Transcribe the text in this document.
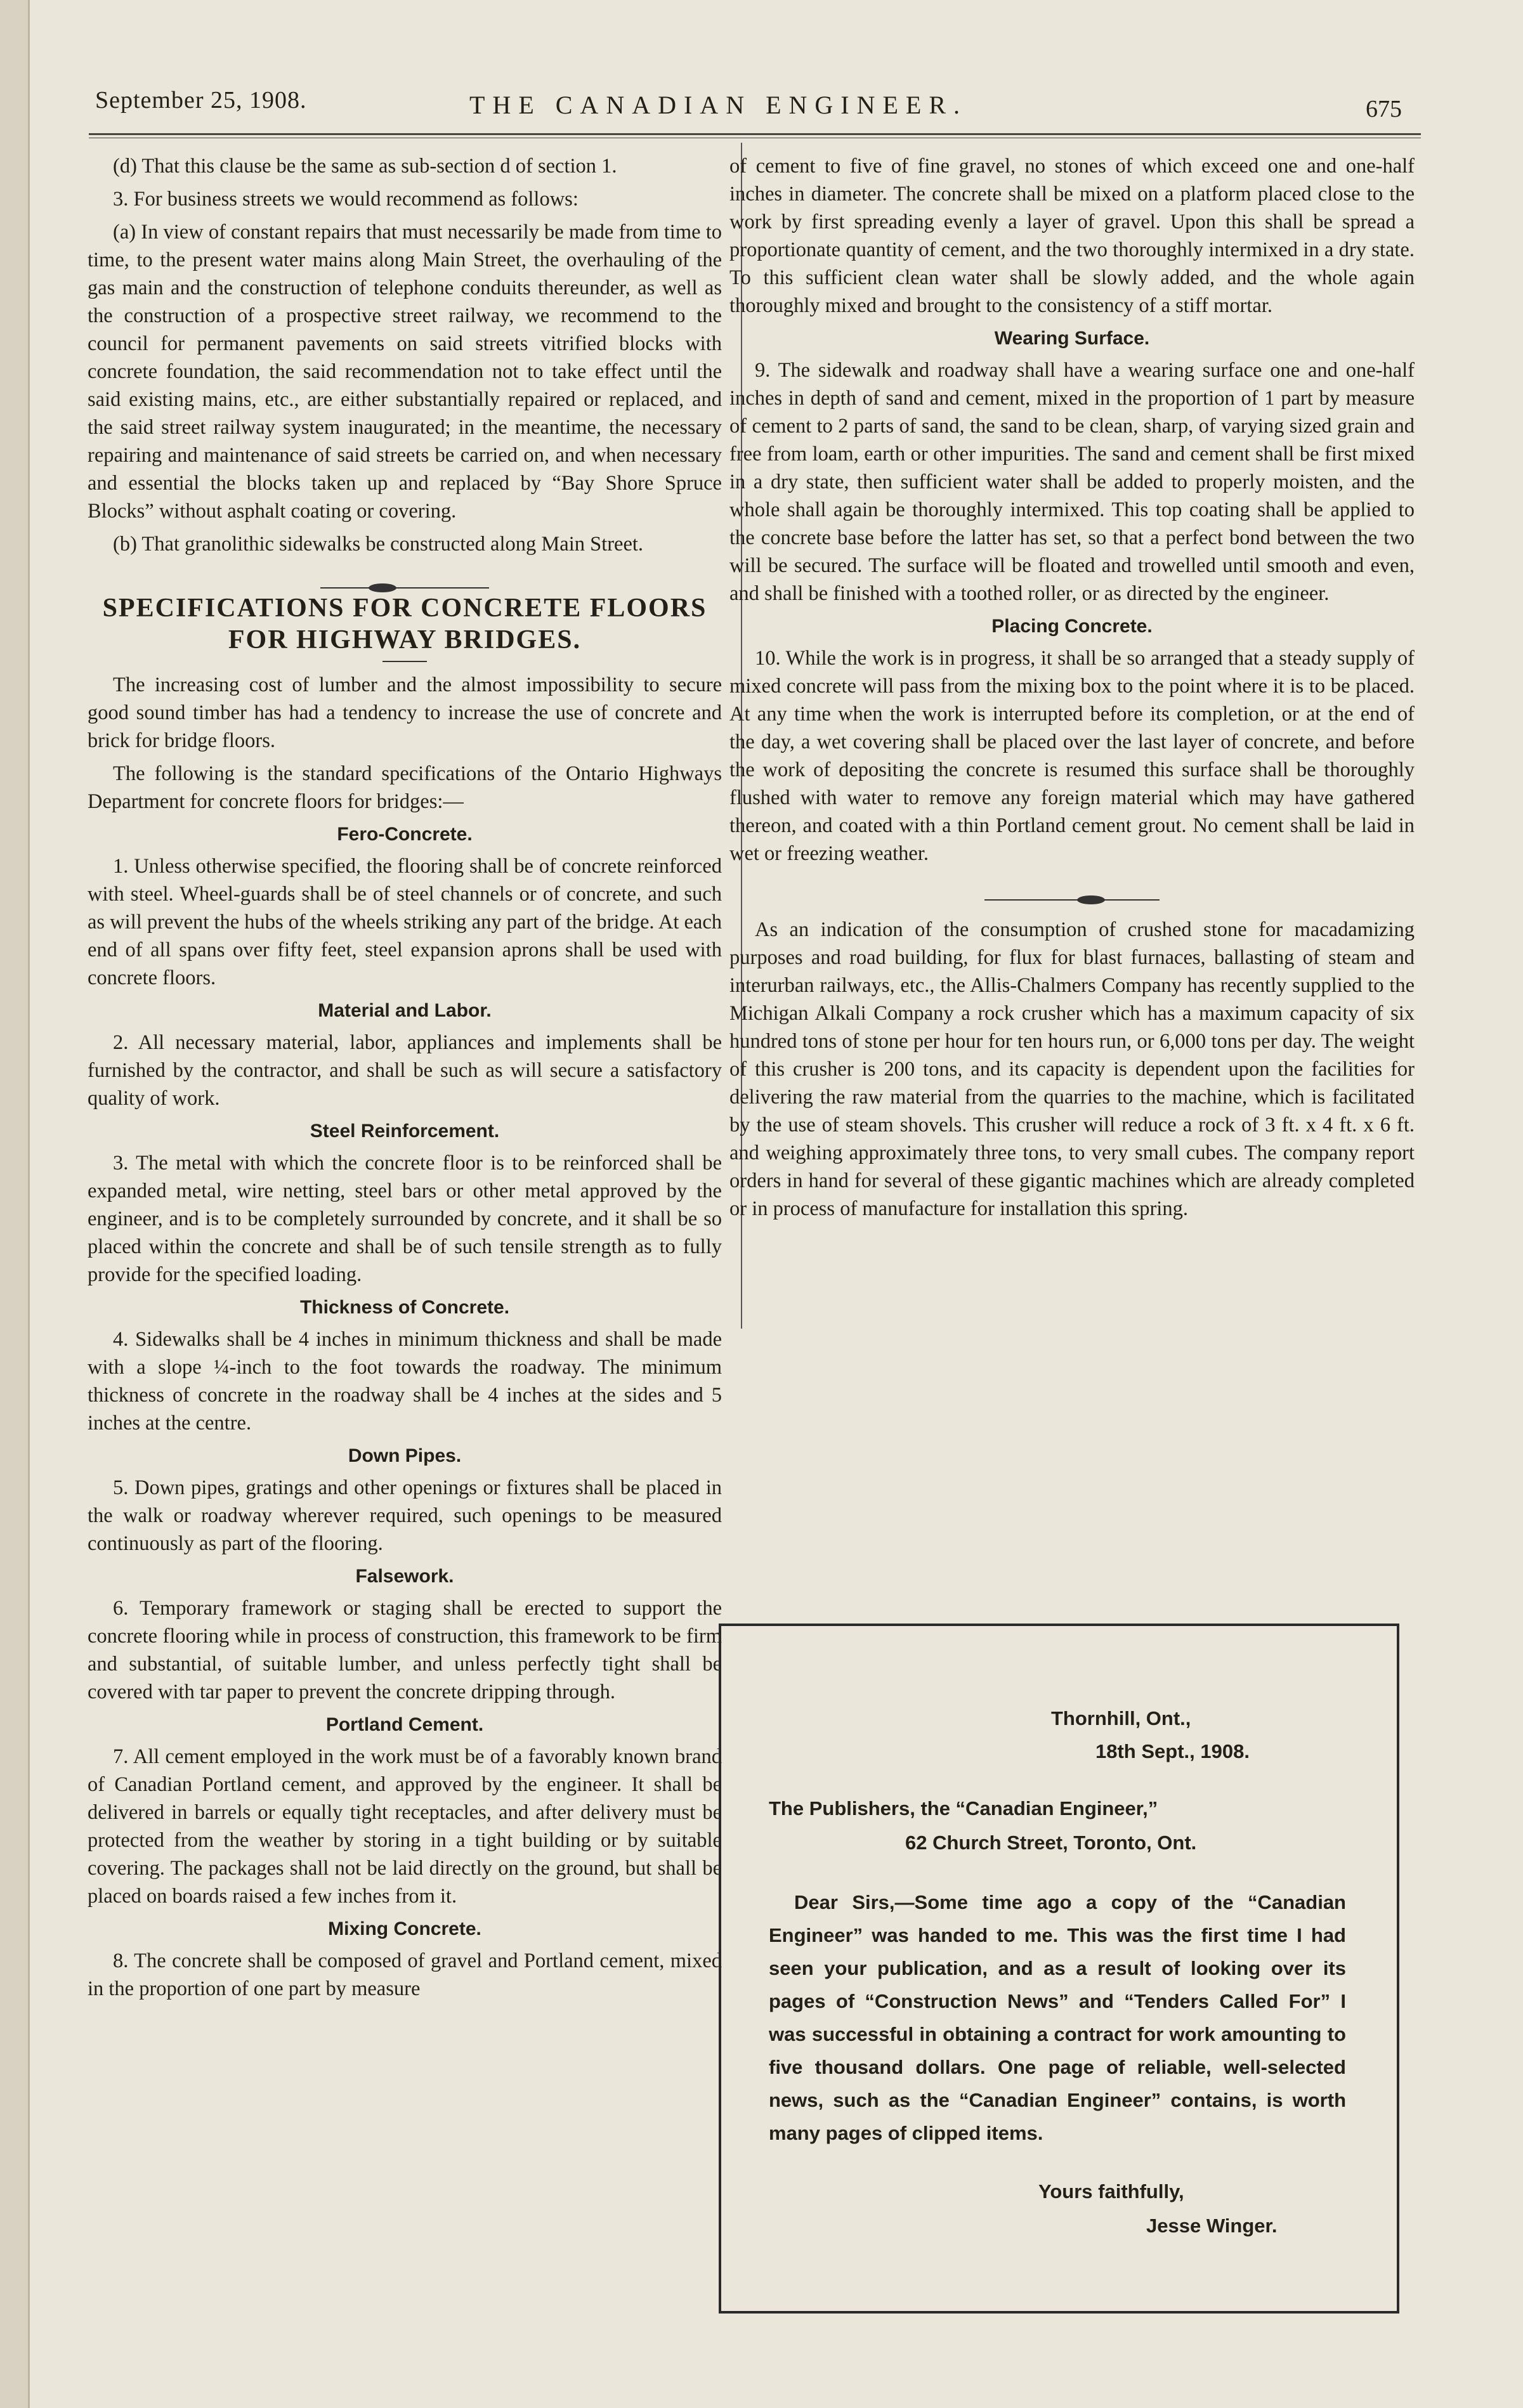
September 25, 1908.	THE CANADIAN ENGINEER.	675

(d) That this clause be the same as sub-section d of section 1.

3. For business streets we would recommend as follows:

(a) In view of constant repairs that must necessarily be made from time to time, to the present water mains along Main Street, the overhauling of the gas main and the construction of telephone conduits thereunder, as well as the construction of a prospective street railway, we recommend to the council for permanent pavements on said streets vitrified blocks with concrete foundation, the said recommendation not to take effect until the said existing mains, etc., are either substantially repaired or replaced, and the said street railway system inaugurated; in the meantime, the necessary repairing and maintenance of said streets be carried on, and when necessary and essential the blocks taken up and replaced by “Bay Shore Spruce Blocks” without asphalt coating or covering.

(b) That granolithic sidewalks be constructed along Main Street.

SPECIFICATIONS FOR CONCRETE FLOORS FOR HIGHWAY BRIDGES.

The increasing cost of lumber and the almost impossibility to secure good sound timber has had a tendency to increase the use of concrete and brick for bridge floors.

The following is the standard specifications of the Ontario Highways Department for concrete floors for bridges:—

Fero-Concrete.

1. Unless otherwise specified, the flooring shall be of concrete reinforced with steel. Wheel-guards shall be of steel channels or of concrete, and such as will prevent the hubs of the wheels striking any part of the bridge. At each end of all spans over fifty feet, steel expansion aprons shall be used with concrete floors.

Material and Labor.

2. All necessary material, labor, appliances and implements shall be furnished by the contractor, and shall be such as will secure a satisfactory quality of work.

Steel Reinforcement.

3. The metal with which the concrete floor is to be reinforced shall be expanded metal, wire netting, steel bars or other metal approved by the engineer, and is to be completely surrounded by concrete, and it shall be so placed within the concrete and shall be of such tensile strength as to fully provide for the specified loading.

Thickness of Concrete.

4. Sidewalks shall be 4 inches in minimum thickness and shall be made with a slope ¼-inch to the foot towards the roadway. The minimum thickness of concrete in the roadway shall be 4 inches at the sides and 5 inches at the centre.

Down Pipes.

5. Down pipes, gratings and other openings or fixtures shall be placed in the walk or roadway wherever required, such openings to be measured continuously as part of the flooring.

Falsework.

6. Temporary framework or staging shall be erected to support the concrete flooring while in process of construction, this framework to be firm and substantial, of suitable lumber, and unless perfectly tight shall be covered with tar paper to prevent the concrete dripping through.

Portland Cement.

7. All cement employed in the work must be of a favorably known brand of Canadian Portland cement, and approved by the engineer. It shall be delivered in barrels or equally tight receptacles, and after delivery must be protected from the weather by storing in a tight building or by suitable covering. The packages shall not be laid directly on the ground, but shall be placed on boards raised a few inches from it.

Mixing Concrete.

8. The concrete shall be composed of gravel and Portland cement, mixed in the proportion of one part by measure

of cement to five of fine gravel, no stones of which exceed one and one-half inches in diameter. The concrete shall be mixed on a platform placed close to the work by first spreading evenly a layer of gravel. Upon this shall be spread a proportionate quantity of cement, and the two thoroughly intermixed in a dry state. To this sufficient clean water shall be slowly added, and the whole again thoroughly mixed and brought to the consistency of a stiff mortar.

Wearing Surface.

9. The sidewalk and roadway shall have a wearing surface one and one-half inches in depth of sand and cement, mixed in the proportion of 1 part by measure of cement to 2 parts of sand, the sand to be clean, sharp, of varying sized grain and free from loam, earth or other impurities. The sand and cement shall be first mixed in a dry state, then sufficient water shall be added to properly moisten, and the whole shall again be thoroughly intermixed. This top coating shall be applied to the concrete base before the latter has set, so that a perfect bond between the two will be secured. The surface will be floated and trowelled until smooth and even, and shall be finished with a toothed roller, or as directed by the engineer.

Placing Concrete.

10. While the work is in progress, it shall be so arranged that a steady supply of mixed concrete will pass from the mixing box to the point where it is to be placed. At any time when the work is interrupted before its completion, or at the end of the day, a wet covering shall be placed over the last layer of concrete, and before the work of depositing the concrete is resumed this surface shall be thoroughly flushed with water to remove any foreign material which may have gathered thereon, and coated with a thin Portland cement grout. No cement shall be laid in wet or freezing weather.

As an indication of the consumption of crushed stone for macadamizing purposes and road building, for flux for blast furnaces, ballasting of steam and interurban railways, etc., the Allis-Chalmers Company has recently supplied to the Michigan Alkali Company a rock crusher which has a maximum capacity of six hundred tons of stone per hour for ten hours run, or 6,000 tons per day. The weight of this crusher is 200 tons, and its capacity is dependent upon the facilities for delivering the raw material from the quarries to the machine, which is facilitated by the use of steam shovels. This crusher will reduce a rock of 3 ft. x 4 ft. x 6 ft. and weighing approximately three tons, to very small cubes. The company report orders in hand for several of these gigantic machines which are already completed or in process of manufacture for installation this spring.

Thornhill, Ont.,
18th Sept., 1908.
The Publishers, the “Canadian Engineer,”
62 Church Street, Toronto, Ont.
Dear Sirs,—Some time ago a copy of the “Canadian Engineer” was handed to me. This was the first time I had seen your publication, and as a result of looking over its pages of “Construction News” and “Tenders Called For” I was successful in obtaining a contract for work amounting to five thousand dollars. One page of reliable, well-selected news, such as the “Canadian Engineer” contains, is worth many pages of clipped items.
Yours faithfully,
Jesse Winger.
